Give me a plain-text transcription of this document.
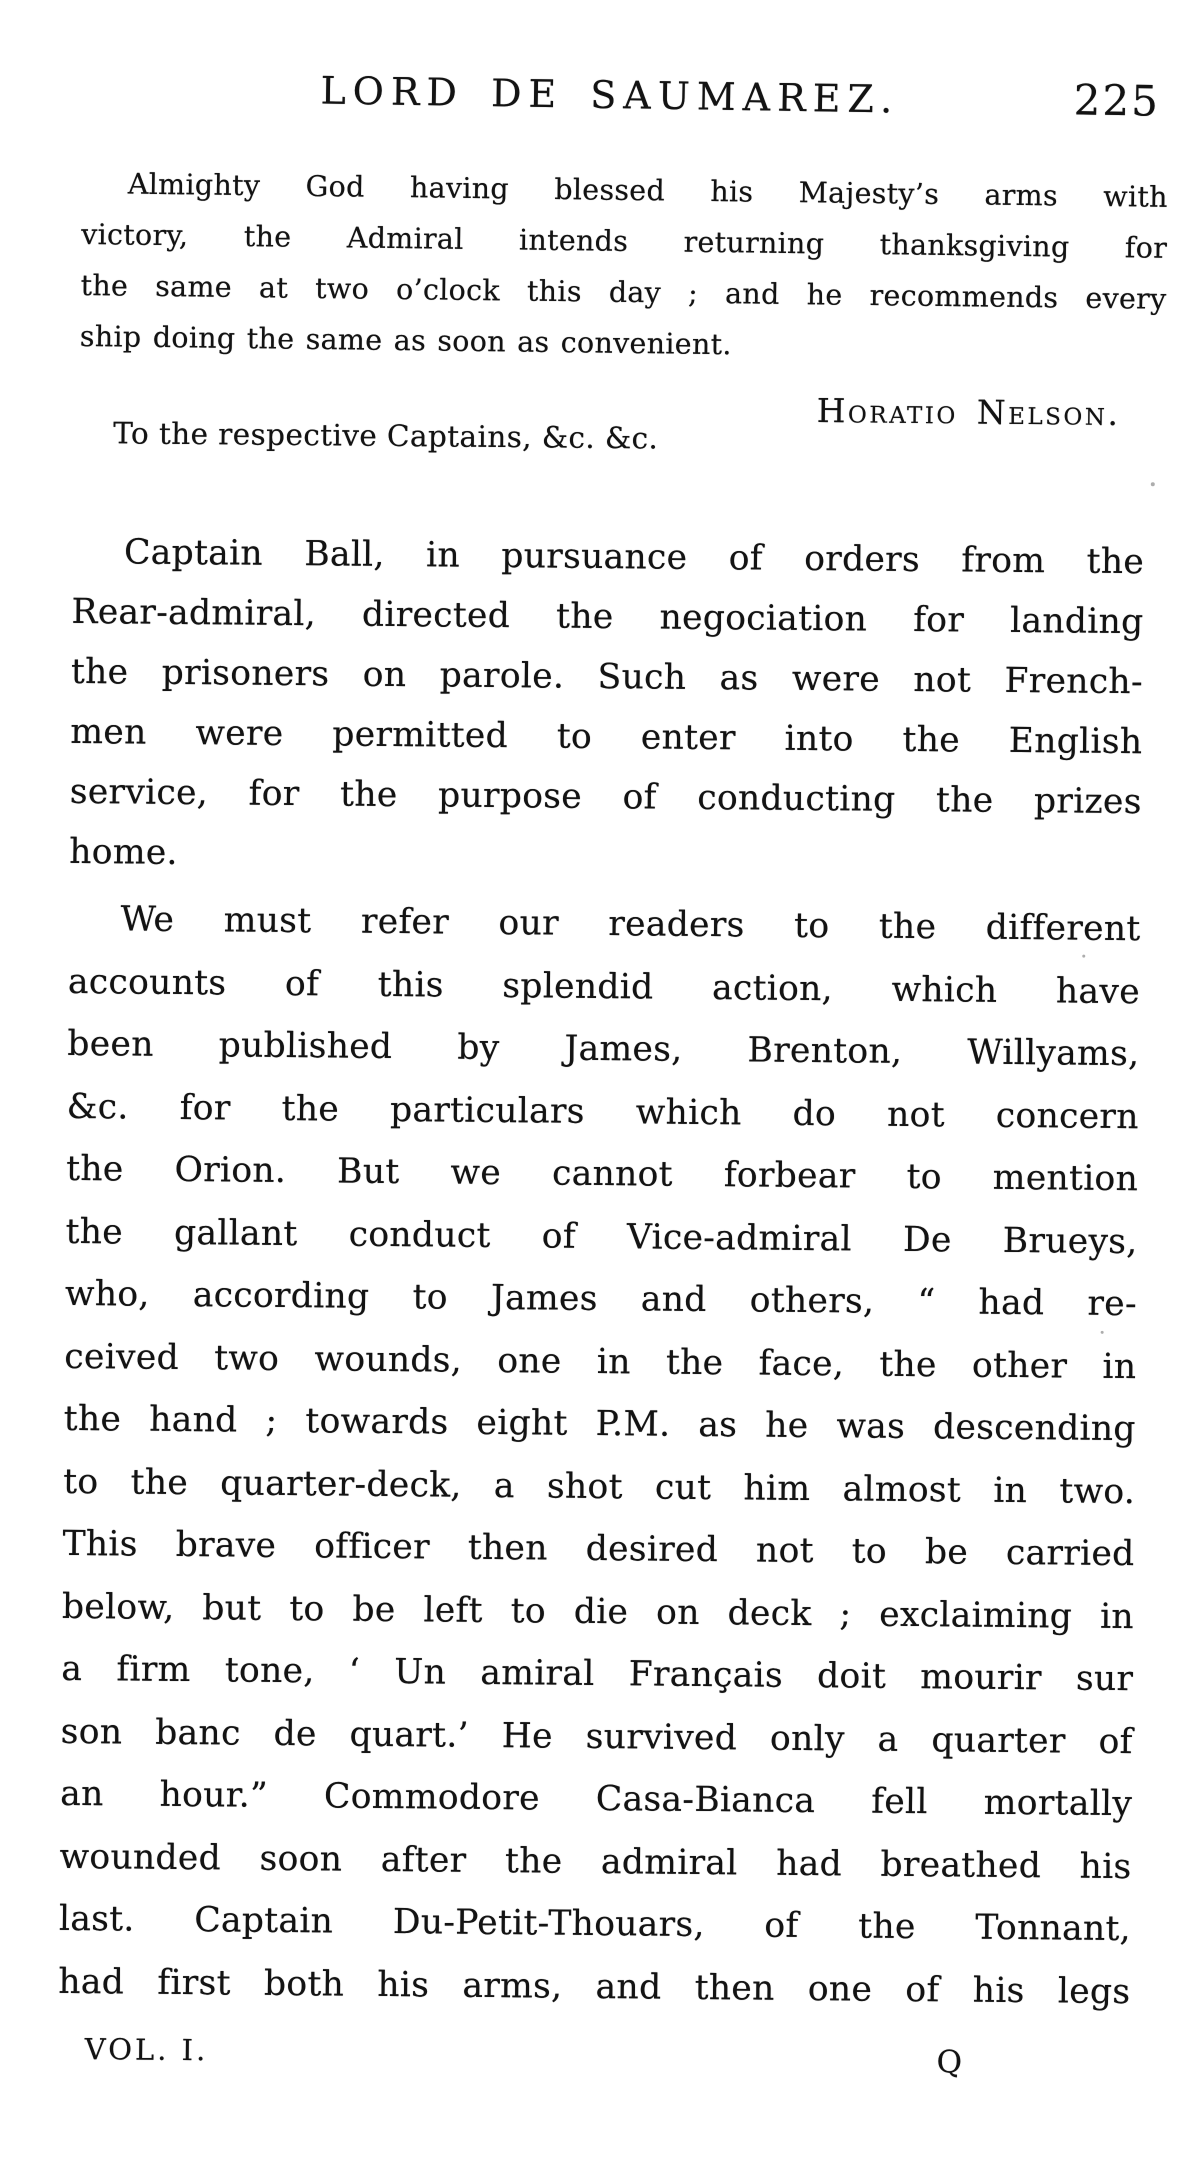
LORD DE SAUMAREZ.	225
Almighty God having blessed his Majesty’s arms with
victory, the Admiral intends returning thanksgiving for
the same at two o’clock this day ; and he recommends every
ship doing the same as soon as convenient.
Horatio Nelson.
To the respective Captains, &c. &c.
Captain Ball, in pursuance of orders from the
Rear-admiral, directed the negociation for landing
the prisoners on parole. Such as were not French-
men were permitted to enter into the English
service, for the purpose of conducting the prizes
home.
We must refer our readers to the different
accounts of this splendid action, which have
been published by James, Brenton, Willyams,
&c. for the particulars which do not concern
the Orion. But we cannot forbear to mention
the gallant conduct of Vice-admiral De Brueys,
who, according to James and others, “ had re-
ceived two wounds, one in the face, the other in
the hand ; towards eight P.M. as he was descending
to the quarter-deck, a shot cut him almost in two.
This brave officer then desired not to be carried
below, but to be left to die on deck ; exclaiming in
a firm tone, ‘ Un amiral Français doit mourir sur
son banc de quart.’ He survived only a quarter of
an hour.” Commodore Casa-Bianca fell mortally
wounded soon after the admiral had breathed his
last. Captain Du-Petit-Thouars, of the Tonnant,
had first both his arms, and then one of his legs
VOL. I.	Q
